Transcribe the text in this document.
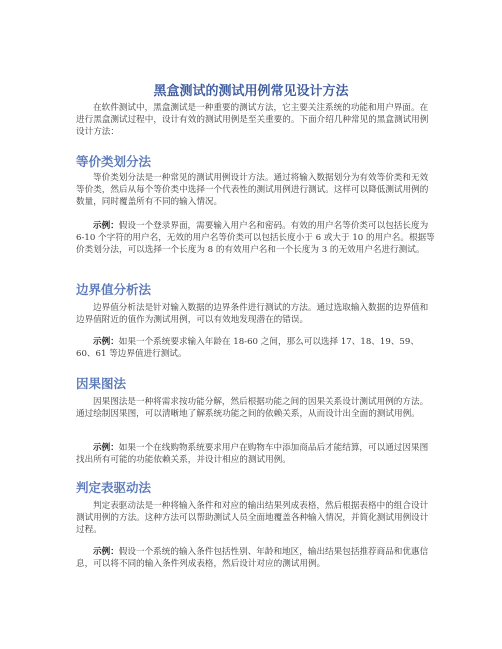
黑盒测试的测试用例常见设计方法

在软件测试中，黑盒测试是一种重要的测试方法，它主要关注系统的功能和用户界面。在进行黑盒测试过程中，设计有效的测试用例是至关重要的。下面介绍几种常见的黑盒测试用例设计方法：

等价类划分法

等价类划分法是一种常见的测试用例设计方法。通过将输入数据划分为有效等价类和无效等价类，然后从每个等价类中选择一个代表性的测试用例进行测试。这样可以降低测试用例的数量，同时覆盖所有不同的输入情况。

示例：假设一个登录界面，需要输入用户名和密码。有效的用户名等价类可以包括长度为 6-10 个字符的用户名，无效的用户名等价类可以包括长度小于 6 或大于 10 的用户名。根据等价类划分法，可以选择一个长度为 8 的有效用户名和一个长度为 3 的无效用户名进行测试。

边界值分析法

边界值分析法是针对输入数据的边界条件进行测试的方法。通过选取输入数据的边界值和边界值附近的值作为测试用例，可以有效地发现潜在的错误。

示例：如果一个系统要求输入年龄在 18-60 之间，那么可以选择 17、18、19、59、60、61 等边界值进行测试。

因果图法

因果图法是一种将需求按功能分解，然后根据功能之间的因果关系设计测试用例的方法。通过绘制因果图，可以清晰地了解系统功能之间的依赖关系，从而设计出全面的测试用例。

示例：如果一个在线购物系统要求用户在购物车中添加商品后才能结算，可以通过因果图找出所有可能的功能依赖关系，并设计相应的测试用例。

判定表驱动法

判定表驱动法是一种将输入条件和对应的输出结果列成表格，然后根据表格中的组合设计测试用例的方法。这种方法可以帮助测试人员全面地覆盖各种输入情况，并简化测试用例设计过程。

示例：假设一个系统的输入条件包括性别、年龄和地区，输出结果包括推荐商品和优惠信息，可以将不同的输入条件列成表格，然后设计对应的测试用例。
